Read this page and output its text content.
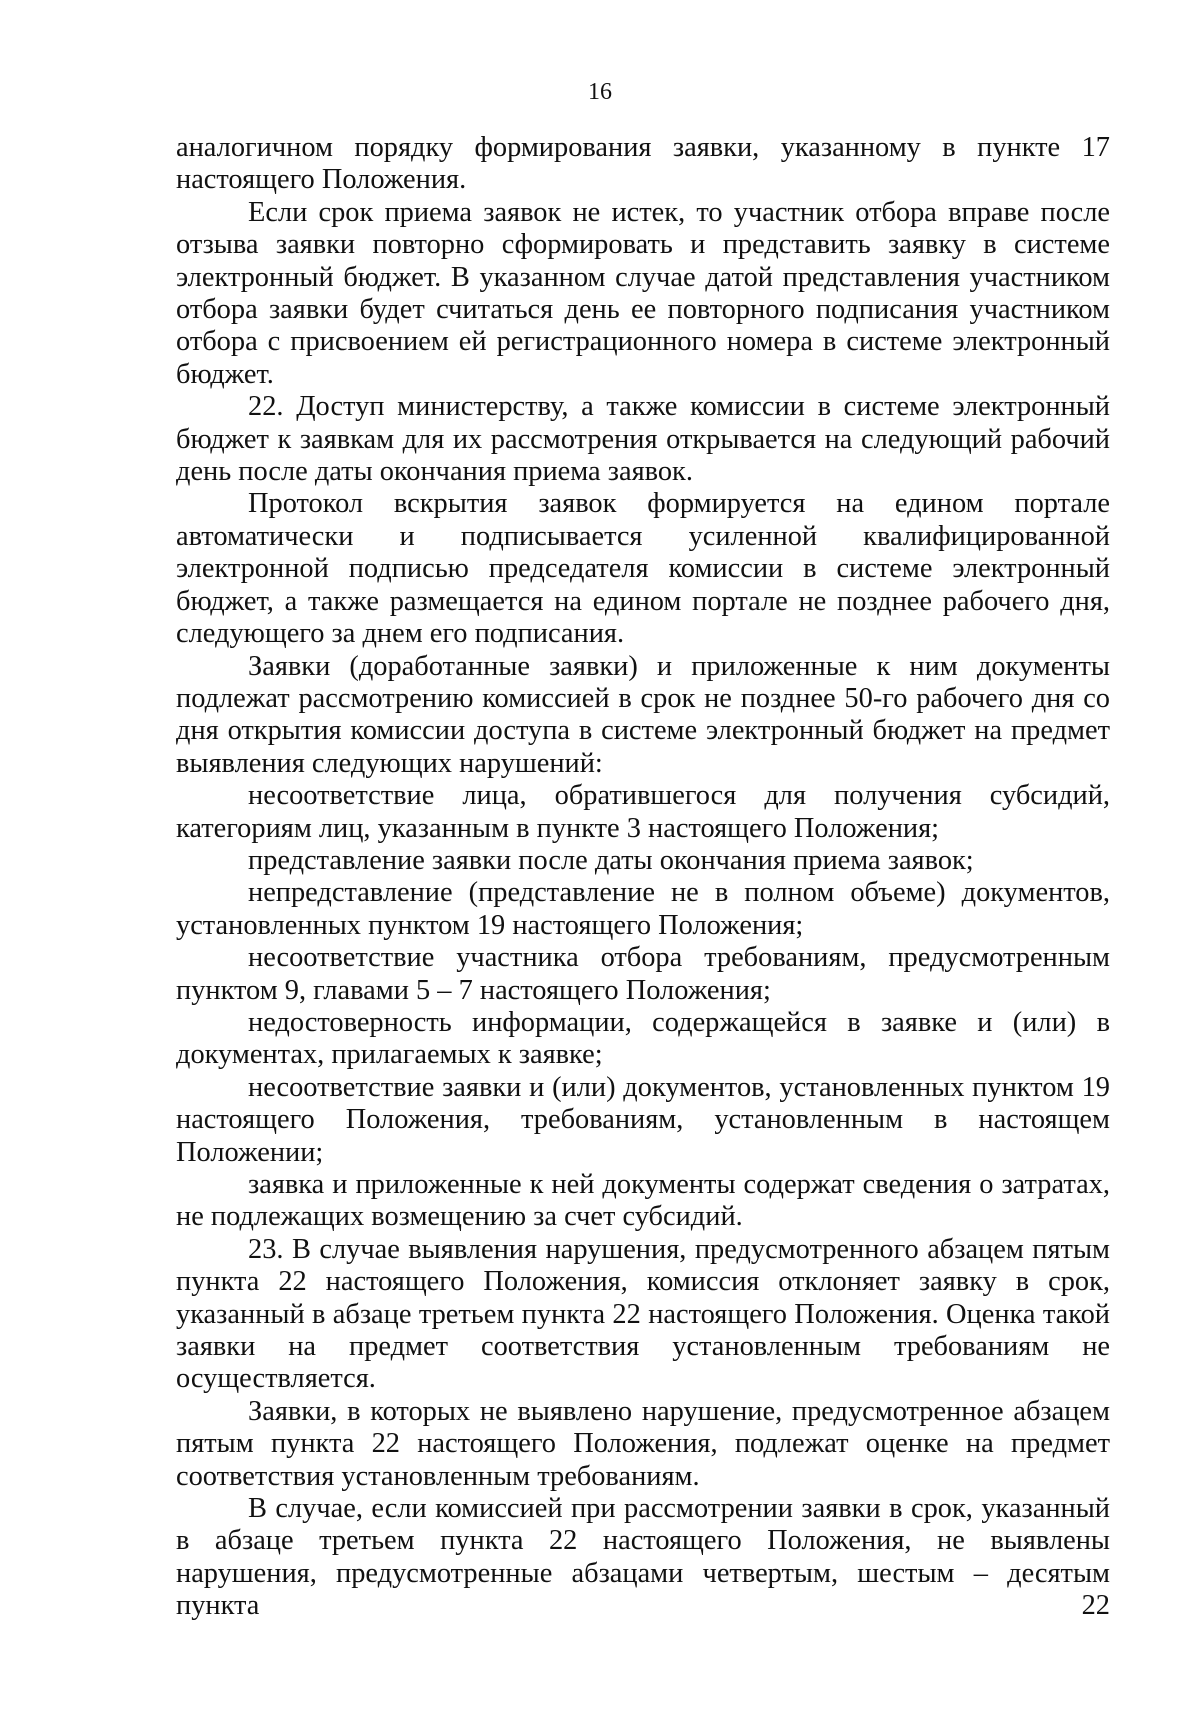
16

аналогичном порядку формирования заявки, указанному в пункте 17 настоящего Положения.

Если срок приема заявок не истек, то участник отбора вправе после отзыва заявки повторно сформировать и представить заявку в системе электронный бюджет. В указанном случае датой представления участником отбора заявки будет считаться день ее повторного подписания участником отбора с присвоением ей регистрационного номера в системе электронный бюджет.

22. Доступ министерству, а также комиссии в системе электронный бюджет к заявкам для их рассмотрения открывается на следующий рабочий день после даты окончания приема заявок.

Протокол вскрытия заявок формируется на едином портале автоматически и подписывается усиленной квалифицированной электронной подписью председателя комиссии в системе электронный бюджет, а также размещается на едином портале не позднее рабочего дня, следующего за днем его подписания.

Заявки (доработанные заявки) и приложенные к ним документы подлежат рассмотрению комиссией в срок не позднее 50-го рабочего дня со дня открытия комиссии доступа в системе электронный бюджет на предмет выявления следующих нарушений:

несоответствие лица, обратившегося для получения субсидий, категориям лиц, указанным в пункте 3 настоящего Положения;

представление заявки после даты окончания приема заявок;

непредставление (представление не в полном объеме) документов, установленных пунктом 19 настоящего Положения;

несоответствие участника отбора требованиям, предусмотренным пунктом 9, главами 5 – 7 настоящего Положения;

недостоверность информации, содержащейся в заявке и (или) в документах, прилагаемых к заявке;

несоответствие заявки и (или) документов, установленных пунктом 19 настоящего Положения, требованиям, установленным в настоящем Положении;

заявка и приложенные к ней документы содержат сведения о затратах, не подлежащих возмещению за счет субсидий.

23. В случае выявления нарушения, предусмотренного абзацем пятым пункта 22 настоящего Положения, комиссия отклоняет заявку в срок, указанный в абзаце третьем пункта 22 настоящего Положения. Оценка такой заявки на предмет соответствия установленным требованиям не осуществляется.

Заявки, в которых не выявлено нарушение, предусмотренное абзацем пятым пункта 22 настоящего Положения, подлежат оценке на предмет соответствия установленным требованиям.

В случае, если комиссией при рассмотрении заявки в срок, указанный в абзаце третьем пункта 22 настоящего Положения, не выявлены нарушения, предусмотренные абзацами четвертым, шестым – десятым пункта 22
